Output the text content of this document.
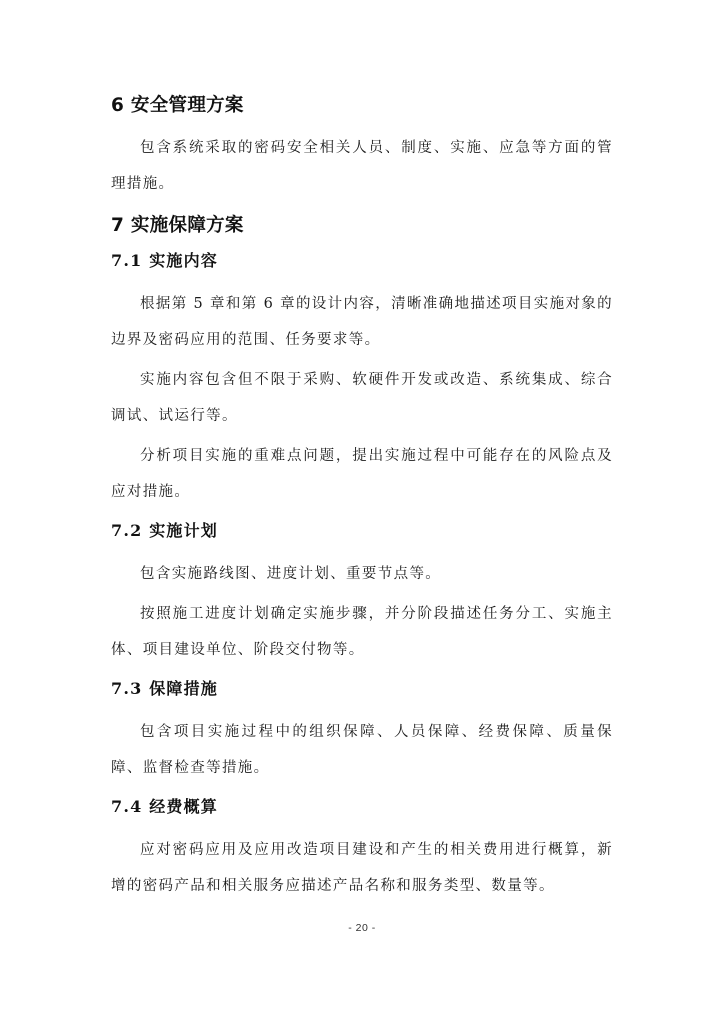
6 安全管理方案

包含系统采取的密码安全相关人员、制度、实施、应急等方面的管理措施。

7 实施保障方案
7.1 实施内容

根据第 5 章和第 6 章的设计内容，清晰准确地描述项目实施对象的边界及密码应用的范围、任务要求等。

实施内容包含但不限于采购、软硬件开发或改造、系统集成、综合调试、试运行等。

分析项目实施的重难点问题，提出实施过程中可能存在的风险点及应对措施。

7.2 实施计划

包含实施路线图、进度计划、重要节点等。

按照施工进度计划确定实施步骤，并分阶段描述任务分工、实施主体、项目建设单位、阶段交付物等。

7.3 保障措施

包含项目实施过程中的组织保障、人员保障、经费保障、质量保障、监督检查等措施。

7.4 经费概算

应对密码应用及应用改造项目建设和产生的相关费用进行概算，新增的密码产品和相关服务应描述产品名称和服务类型、数量等。

- 20 -
